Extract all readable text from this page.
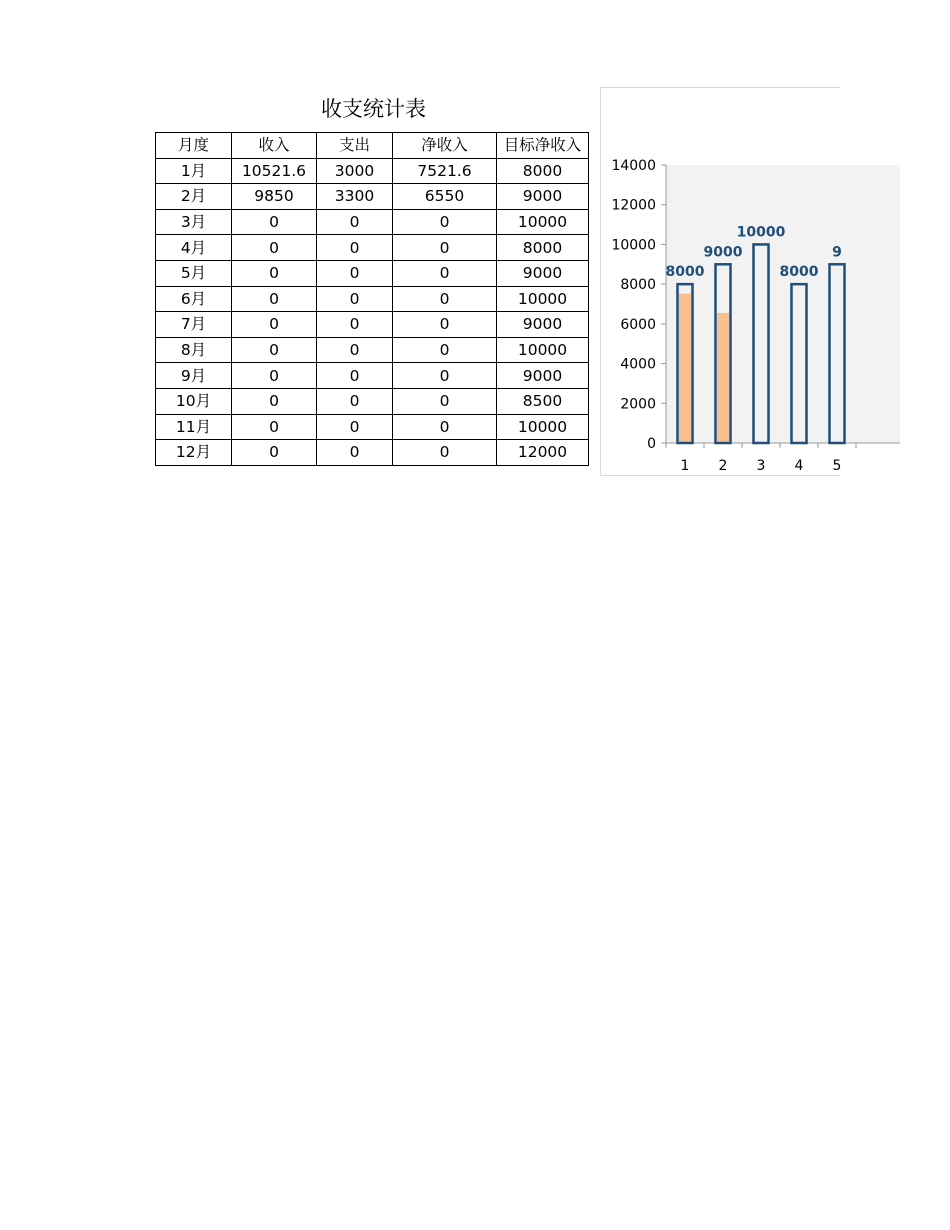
收支统计表
月度	收入	支出	净收入	目标净收入
1月	10521.6	3000	7521.6	8000
2月	9850	3300	6550	9000
3月	0	0	0	10000
4月	0	0	0	8000
5月	0	0	0	9000
6月	0	0	0	10000
7月	0	0	0	9000
8月	0	0	0	10000
9月	0	0	0	9000
10月	0	0	0	8500
11月	0	0	0	10000
12月	0	0	0	12000	0
2000
4000
6000
8000
10000
12000
14000
8000
1
9000
2
10000
3
8000
4
9
5
